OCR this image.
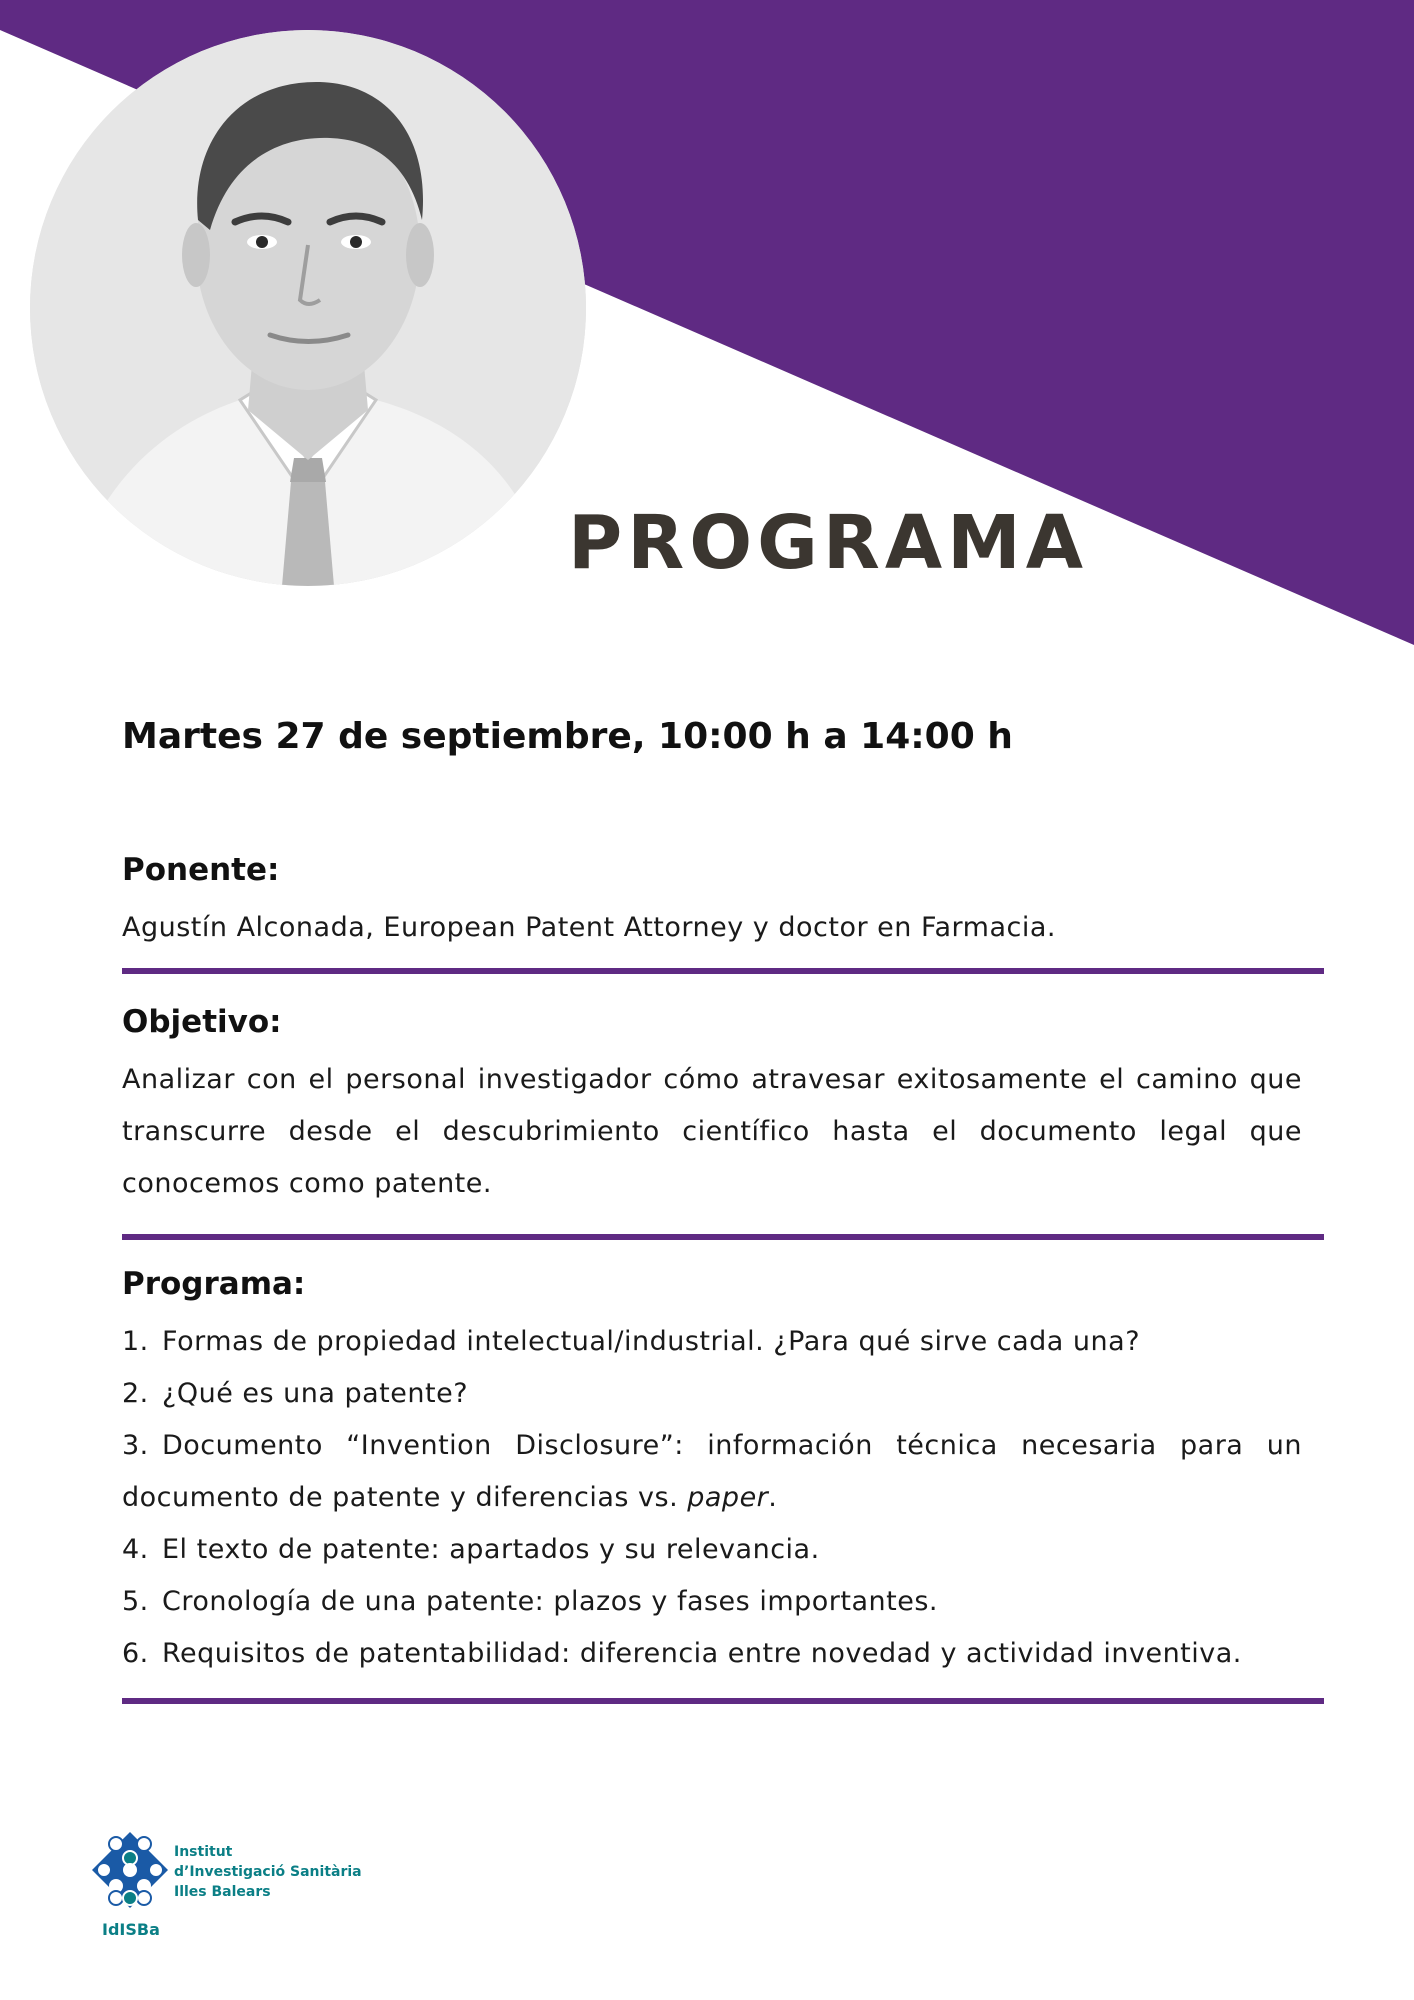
PROGRAMA

Martes 27 de septiembre, 10:00 h a 14:00 h

Ponente:

Agustín Alconada, European Patent Attorney y doctor en Farmacia.

Objetivo:

Analizar con el personal investigador cómo atravesar exitosamente el camino que transcurre desde el descubrimiento científico hasta el documento legal que conocemos como patente.

Programa:

1. Formas de propiedad intelectual/industrial. ¿Para qué sirve cada una?
2. ¿Qué es una patente?
3. Documento “Invention Disclosure”: información técnica necesaria para un documento de patente y diferencias vs. paper.
4. El texto de patente: apartados y su relevancia.
5. Cronología de una patente: plazos y fases importantes.
6. Requisitos de patentabilidad: diferencia entre novedad y actividad inventiva.
Institut
d’Investigació Sanitària
Illes Balears
IdISBa
